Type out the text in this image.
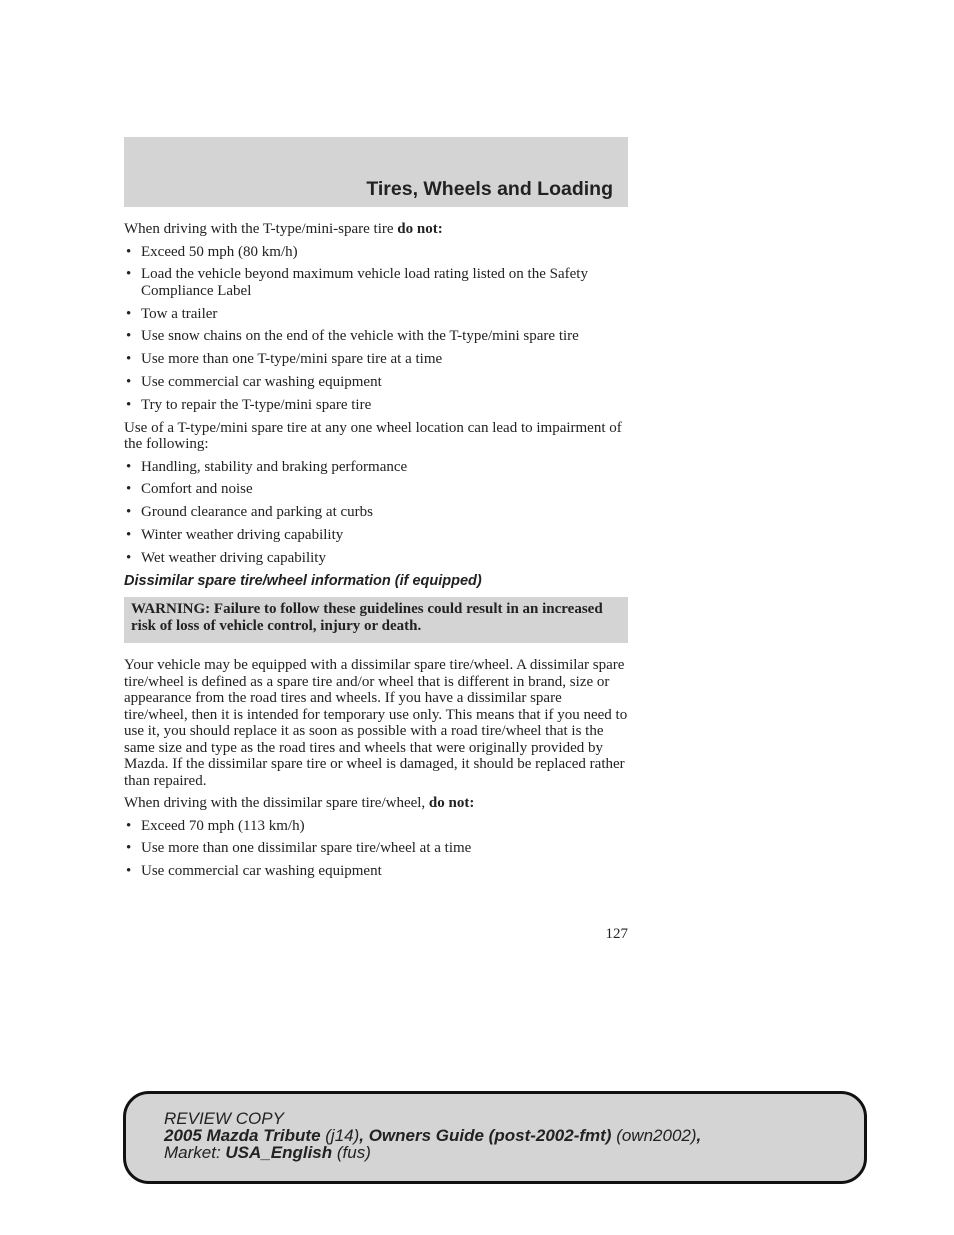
Tires, Wheels and Loading

When driving with the T-type/mini-spare tire do not:

• Exceed 50 mph (80 km/h)
• Load the vehicle beyond maximum vehicle load rating listed on the Safety Compliance Label
• Tow a trailer
• Use snow chains on the end of the vehicle with the T-type/mini spare tire
• Use more than one T-type/mini spare tire at a time
• Use commercial car washing equipment
• Try to repair the T-type/mini spare tire

Use of a T-type/mini spare tire at any one wheel location can lead to impairment of the following:

• Handling, stability and braking performance
• Comfort and noise
• Ground clearance and parking at curbs
• Winter weather driving capability
• Wet weather driving capability

Dissimilar spare tire/wheel information (if equipped)

WARNING: Failure to follow these guidelines could result in an increased risk of loss of vehicle control, injury or death.

Your vehicle may be equipped with a dissimilar spare tire/wheel. A dissimilar spare tire/wheel is defined as a spare tire and/or wheel that is different in brand, size or appearance from the road tires and wheels. If you have a dissimilar spare tire/wheel, then it is intended for temporary use only. This means that if you need to use it, you should replace it as soon as possible with a road tire/wheel that is the same size and type as the road tires and wheels that were originally provided by Mazda. If the dissimilar spare tire or wheel is damaged, it should be replaced rather than repaired.

When driving with the dissimilar spare tire/wheel, do not:

• Exceed 70 mph (113 km/h)
• Use more than one dissimilar spare tire/wheel at a time
• Use commercial car washing equipment
127
REVIEW COPY
2005 Mazda Tribute (j14), Owners Guide (post-2002-fmt) (own2002),
Market: USA_English (fus)
